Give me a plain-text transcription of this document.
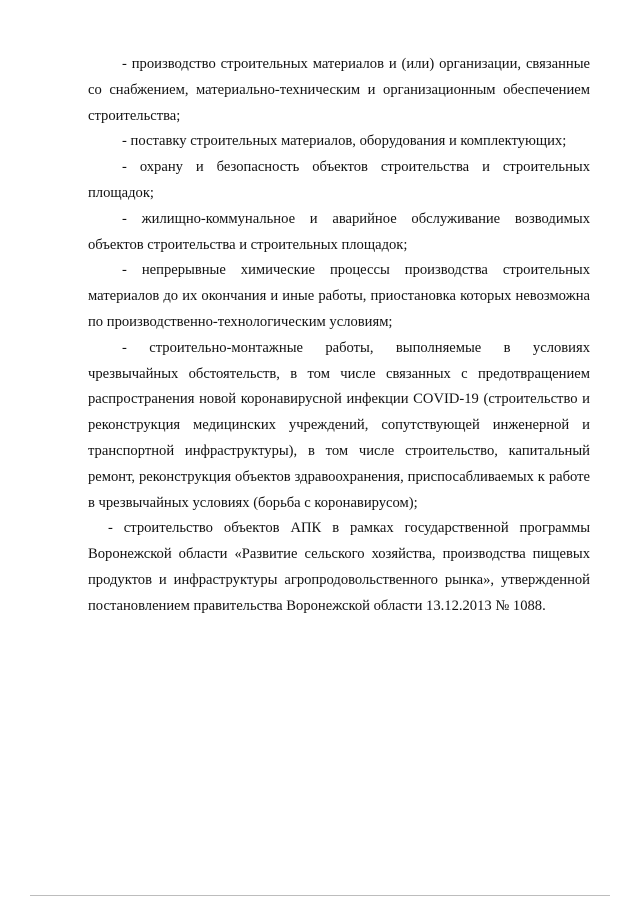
- производство строительных материалов и (или) организации, связанные со снабжением, материально-техническим и организационным обеспечением строительства;

- поставку строительных материалов, оборудования и комплектующих;

- охрану и безопасность объектов строительства и строительных площадок;

- жилищно-коммунальное и аварийное обслуживание возводимых объектов строительства и строительных площадок;

- непрерывные химические процессы производства строительных материалов до их окончания и иные работы, приостановка которых невозможна по производственно-технологическим условиям;

- строительно-монтажные работы, выполняемые в условиях чрезвычайных обстоятельств, в том числе связанных с предотвращением распространения новой коронавирусной инфекции COVID-19 (строительство и реконструкция медицинских учреждений, сопутствующей инженерной и транспортной инфраструктуры), в том числе строительство, капитальный ремонт, реконструкция объектов здравоохранения, приспосабливаемых к работе в чрезвычайных условиях (борьба с коронавирусом);

- строительство объектов АПК в рамках государственной программы Воронежской области «Развитие сельского хозяйства, производства пищевых продуктов и инфраструктуры агропродовольственного рынка», утвержденной постановлением правительства Воронежской области 13.12.2013 № 1088.
